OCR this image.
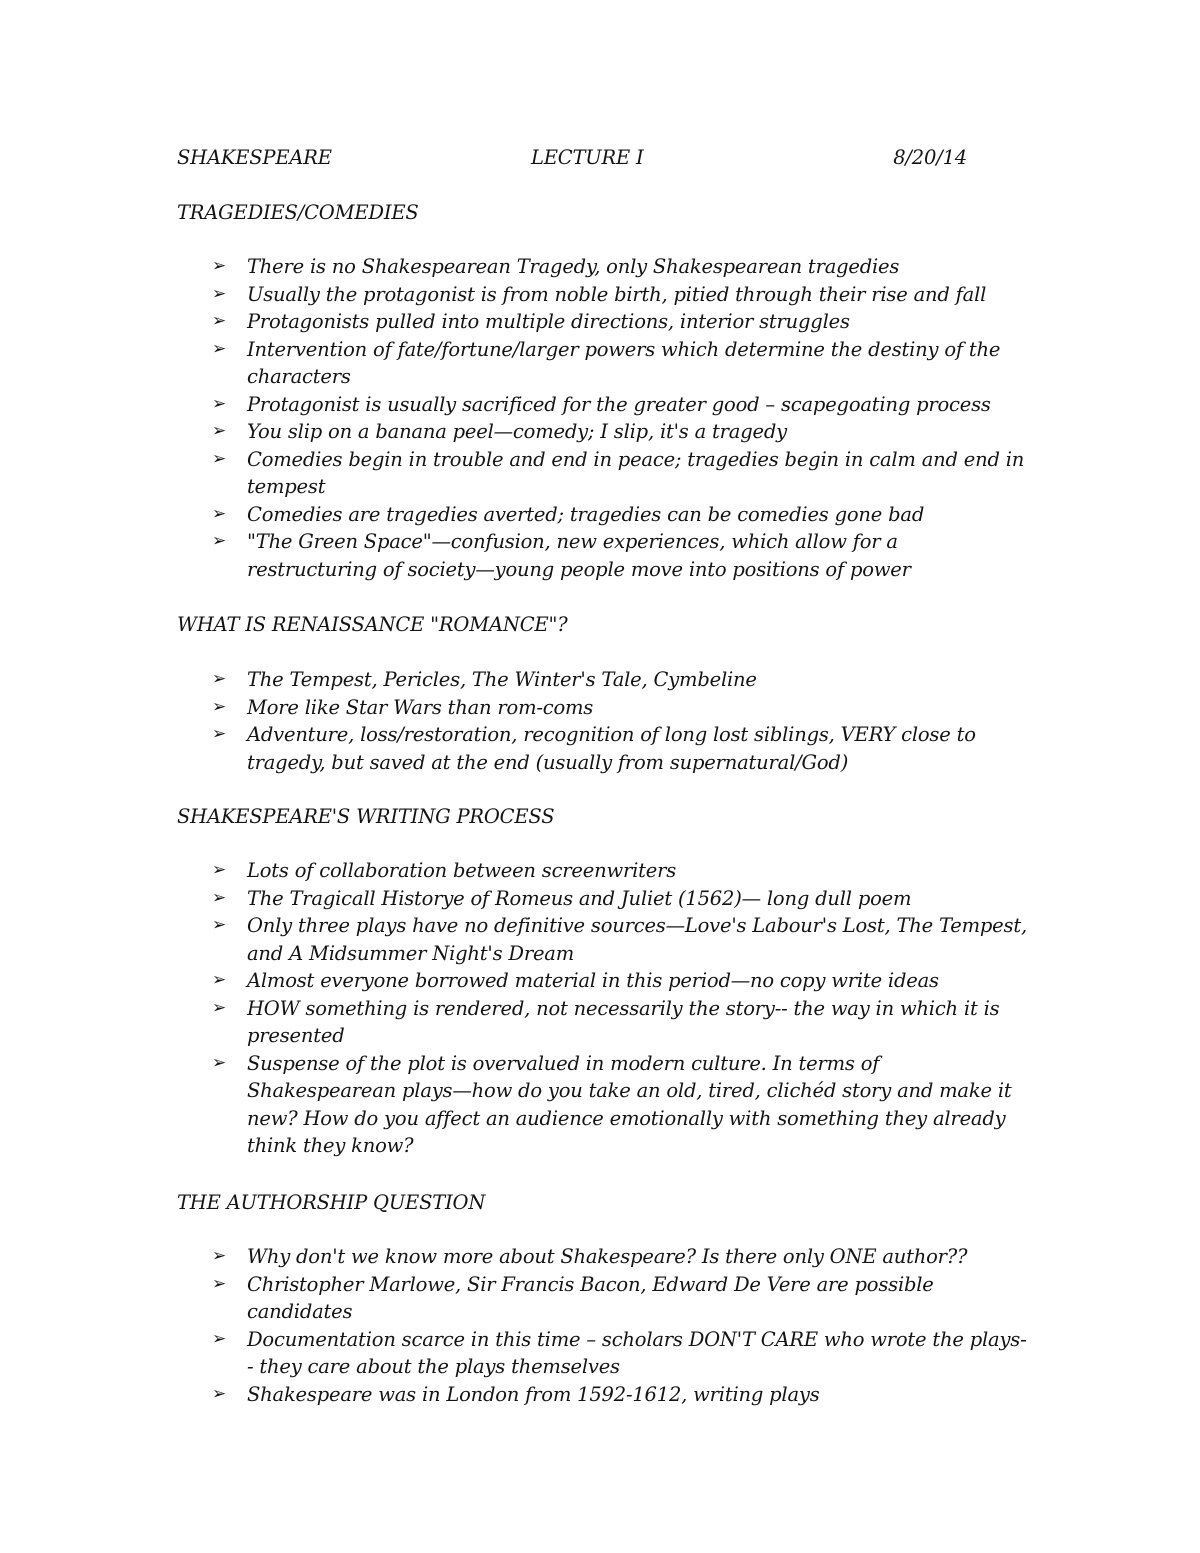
SHAKESPEARE	LECTURE I	8/20/14
TRAGEDIES/COMEDIES
➢ There is no Shakespearean Tragedy, only Shakespearean tragedies
➢ Usually the protagonist is from noble birth, pitied through their rise and fall
➢ Protagonists pulled into multiple directions, interior struggles
➢ Intervention of fate/fortune/larger powers which determine the destiny of the characters
➢ Protagonist is usually sacrificed for the greater good – scapegoating process
➢ You slip on a banana peel—comedy; I slip, it's a tragedy
➢ Comedies begin in trouble and end in peace; tragedies begin in calm and end in tempest
➢ Comedies are tragedies averted; tragedies can be comedies gone bad
➢ "The Green Space"—confusion, new experiences, which allow for a restructuring of society—young people move into positions of power
WHAT IS RENAISSANCE "ROMANCE"?
➢ The Tempest, Pericles, The Winter's Tale, Cymbeline
➢ More like Star Wars than rom-coms
➢ Adventure, loss/restoration, recognition of long lost siblings, VERY close to tragedy, but saved at the end (usually from supernatural/God)
SHAKESPEARE'S WRITING PROCESS
➢ Lots of collaboration between screenwriters
➢ The Tragicall Historye of Romeus and Juliet (1562)— long dull poem
➢ Only three plays have no definitive sources—Love's Labour's Lost, The Tempest, and A Midsummer Night's Dream
➢ Almost everyone borrowed material in this period—no copy write ideas
➢ HOW something is rendered, not necessarily the story-- the way in which it is presented
➢ Suspense of the plot is overvalued in modern culture. In terms of Shakespearean plays—how do you take an old, tired, clichéd story and make it new? How do you affect an audience emotionally with something they already think they know?
THE AUTHORSHIP QUESTION
➢ Why don't we know more about Shakespeare? Is there only ONE author??
➢ Christopher Marlowe, Sir Francis Bacon, Edward De Vere are possible candidates
➢ Documentation scarce in this time – scholars DON'T CARE who wrote the plays-- they care about the plays themselves
➢ Shakespeare was in London from 1592-1612, writing plays
